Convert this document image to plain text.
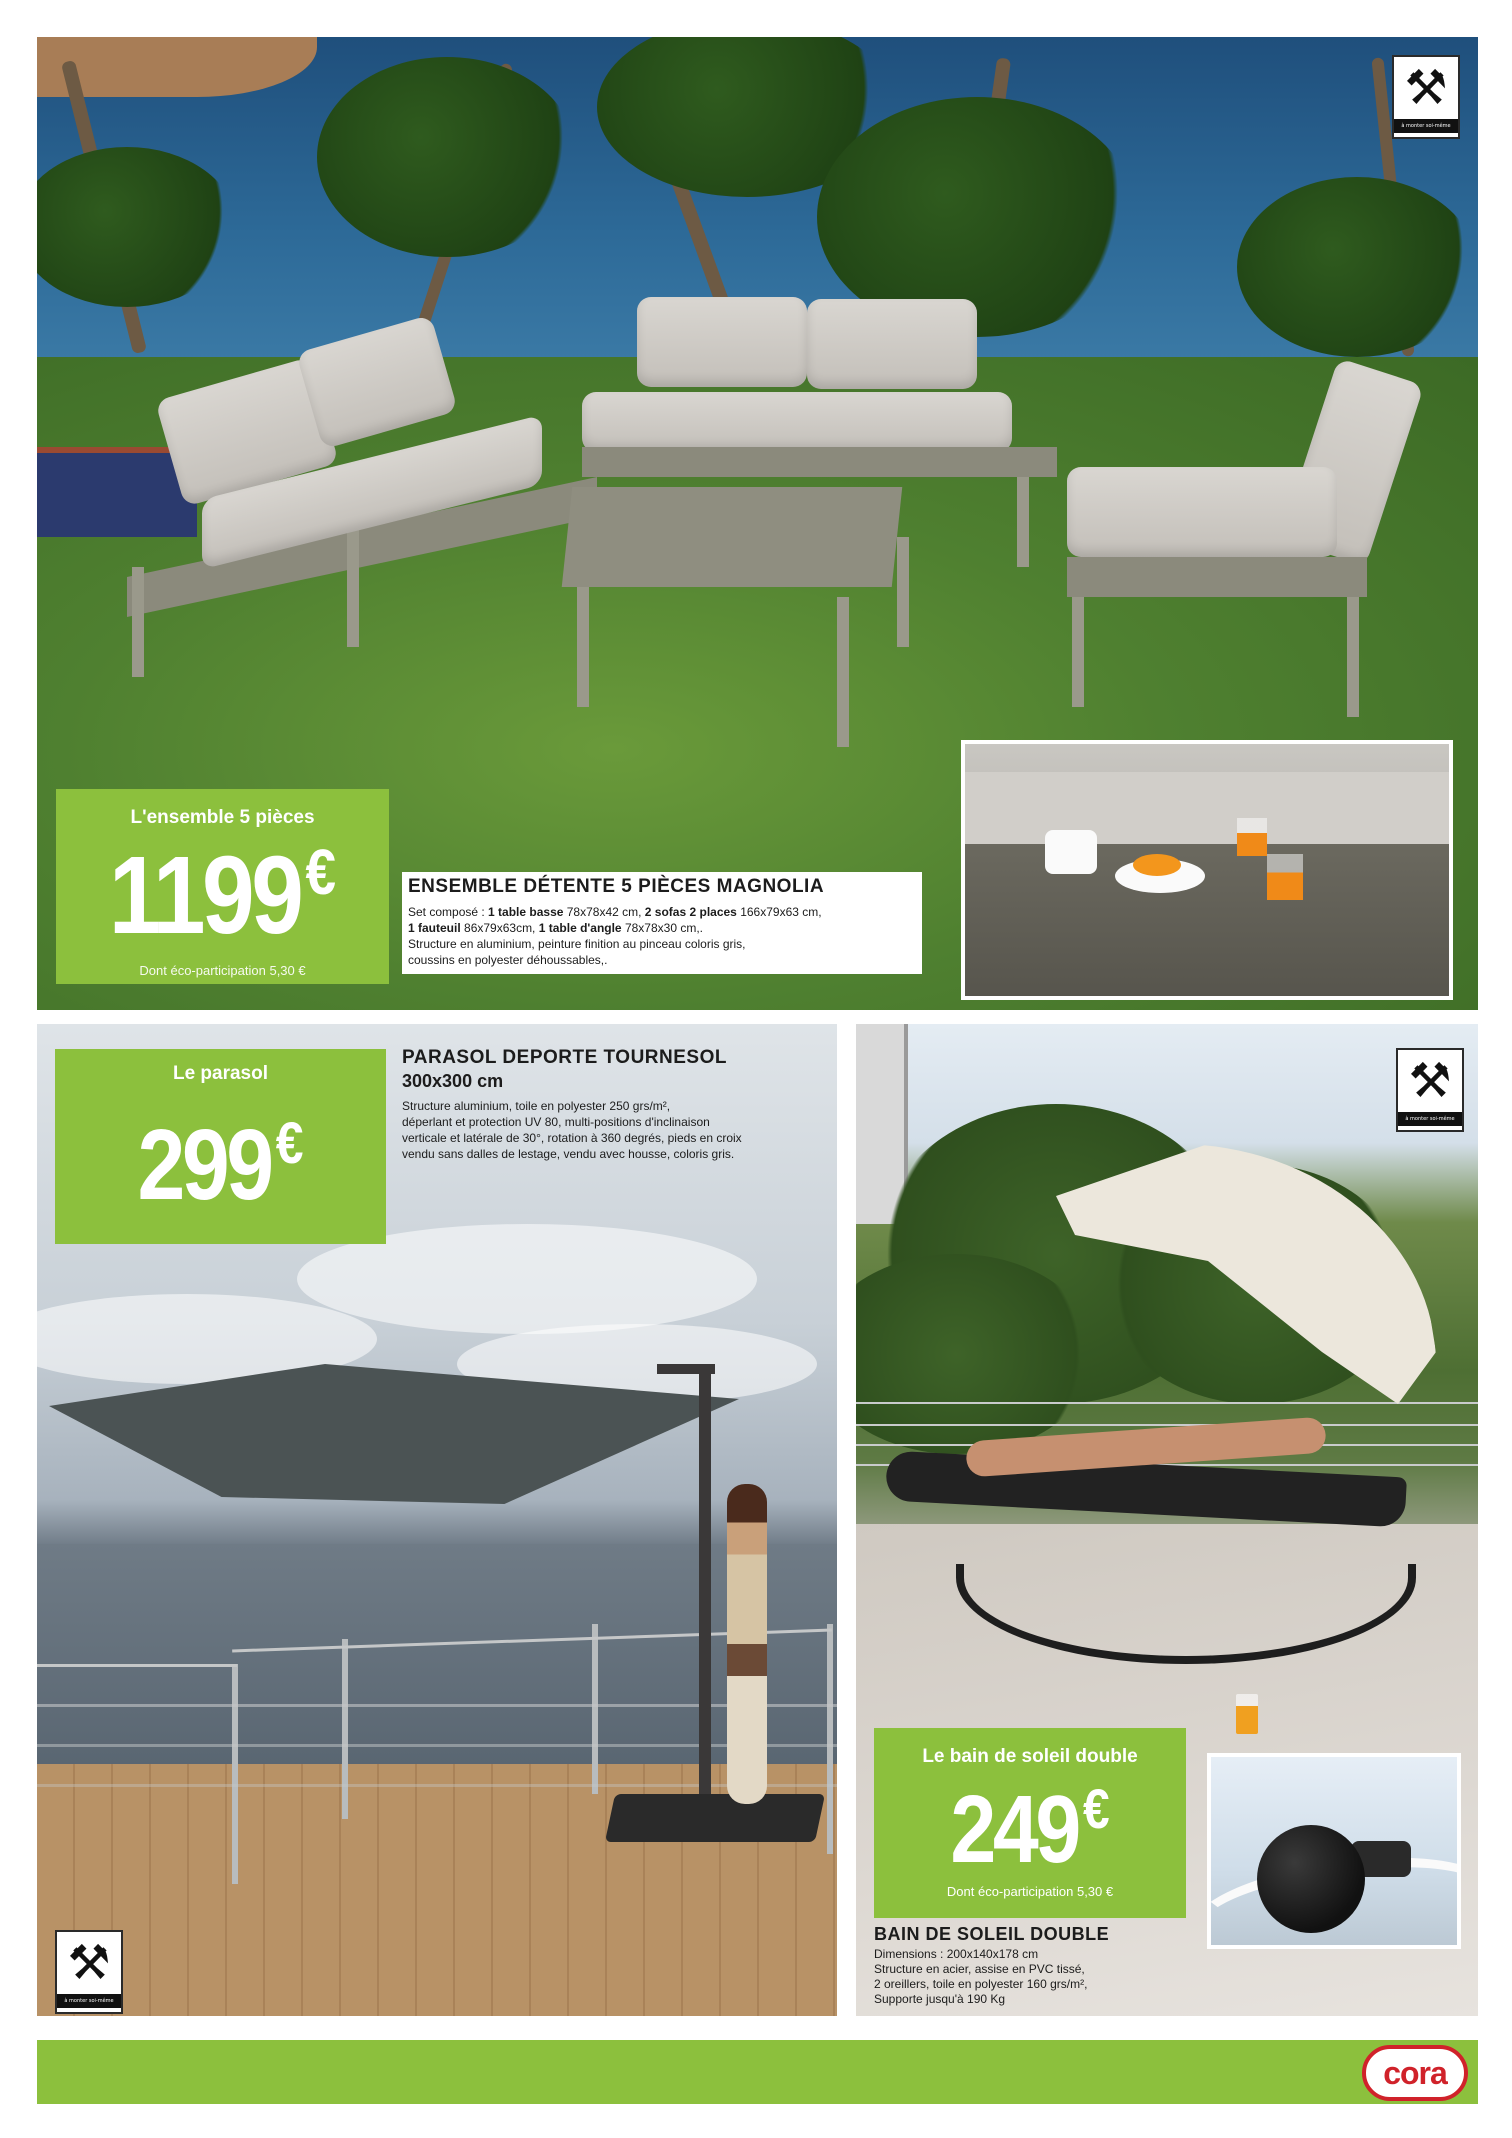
⚒
à monter soi-même
L'ensemble 5 pièces
1199€
Dont éco-participation 5,30 €
ENSEMBLE DÉTENTE 5 PIÈCES MAGNOLIA
Set composé : 1 table basse 78x78x42 cm, 2 sofas 2 places 166x79x63 cm,
1 fauteuil 86x79x63cm, 1 table d'angle 78x78x30 cm,.
Structure en aluminium, peinture finition au pinceau coloris gris,
coussins en polyester déhoussables,.
⚒
à monter soi-même
Le parasol
299€
PARASOL DEPORTE TOURNESOL
300x300 cm
Structure aluminium, toile en polyester 250 grs/m²,
déperlant et protection UV 80, multi-positions d'inclinaison
verticale et latérale de 30°, rotation à 360 degrés, pieds en croix
vendu sans dalles de lestage, vendu avec housse, coloris gris.
⚒
à monter soi-même
Le bain de soleil double
249€
Dont éco-participation 5,30 €
BAIN DE SOLEIL DOUBLE
Dimensions : 200x140x178 cm
Structure en acier, assise en PVC tissé,
2 oreillers, toile en polyester 160 grs/m²,
Supporte jusqu'à 190 Kg
cora
